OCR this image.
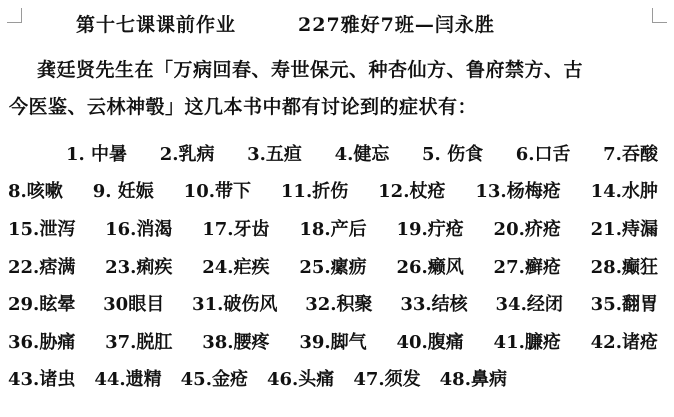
第十七课课前作业	227雅好7班—闫永胜
龚廷贤先生在「万病回春、寿世保元、种杏仙方、鲁府禁方、古
今医鉴、云林神彀」这几本书中都有讨论到的症状有：
1. 中暑 2.乳病 3.五疸 4.健忘 5. 伤食 6.口舌 7.吞酸
8.咳嗽 9. 妊娠 10.带下 11.折伤 12.杖疮 13.杨梅疮 14.水肿
15.泄泻 16.消渴 17.牙齿 18.产后 19.疔疮 20.疥疮 21.痔漏
22.痞满 23.痢疾 24.疟疾 25.瘰疬 26.癞风 27.癣疮 28.癫狂
29.眩晕 30眼目 31.破伤风 32.积聚 33.结核 34.经闭 35.翻胃
36.胁痛 37.脱肛 38.腰疼 39.脚气 40.腹痛 41.臁疮 42.诸疮
43.诸虫 44.遗精 45.金疮 46.头痛 47.须发 48.鼻病
